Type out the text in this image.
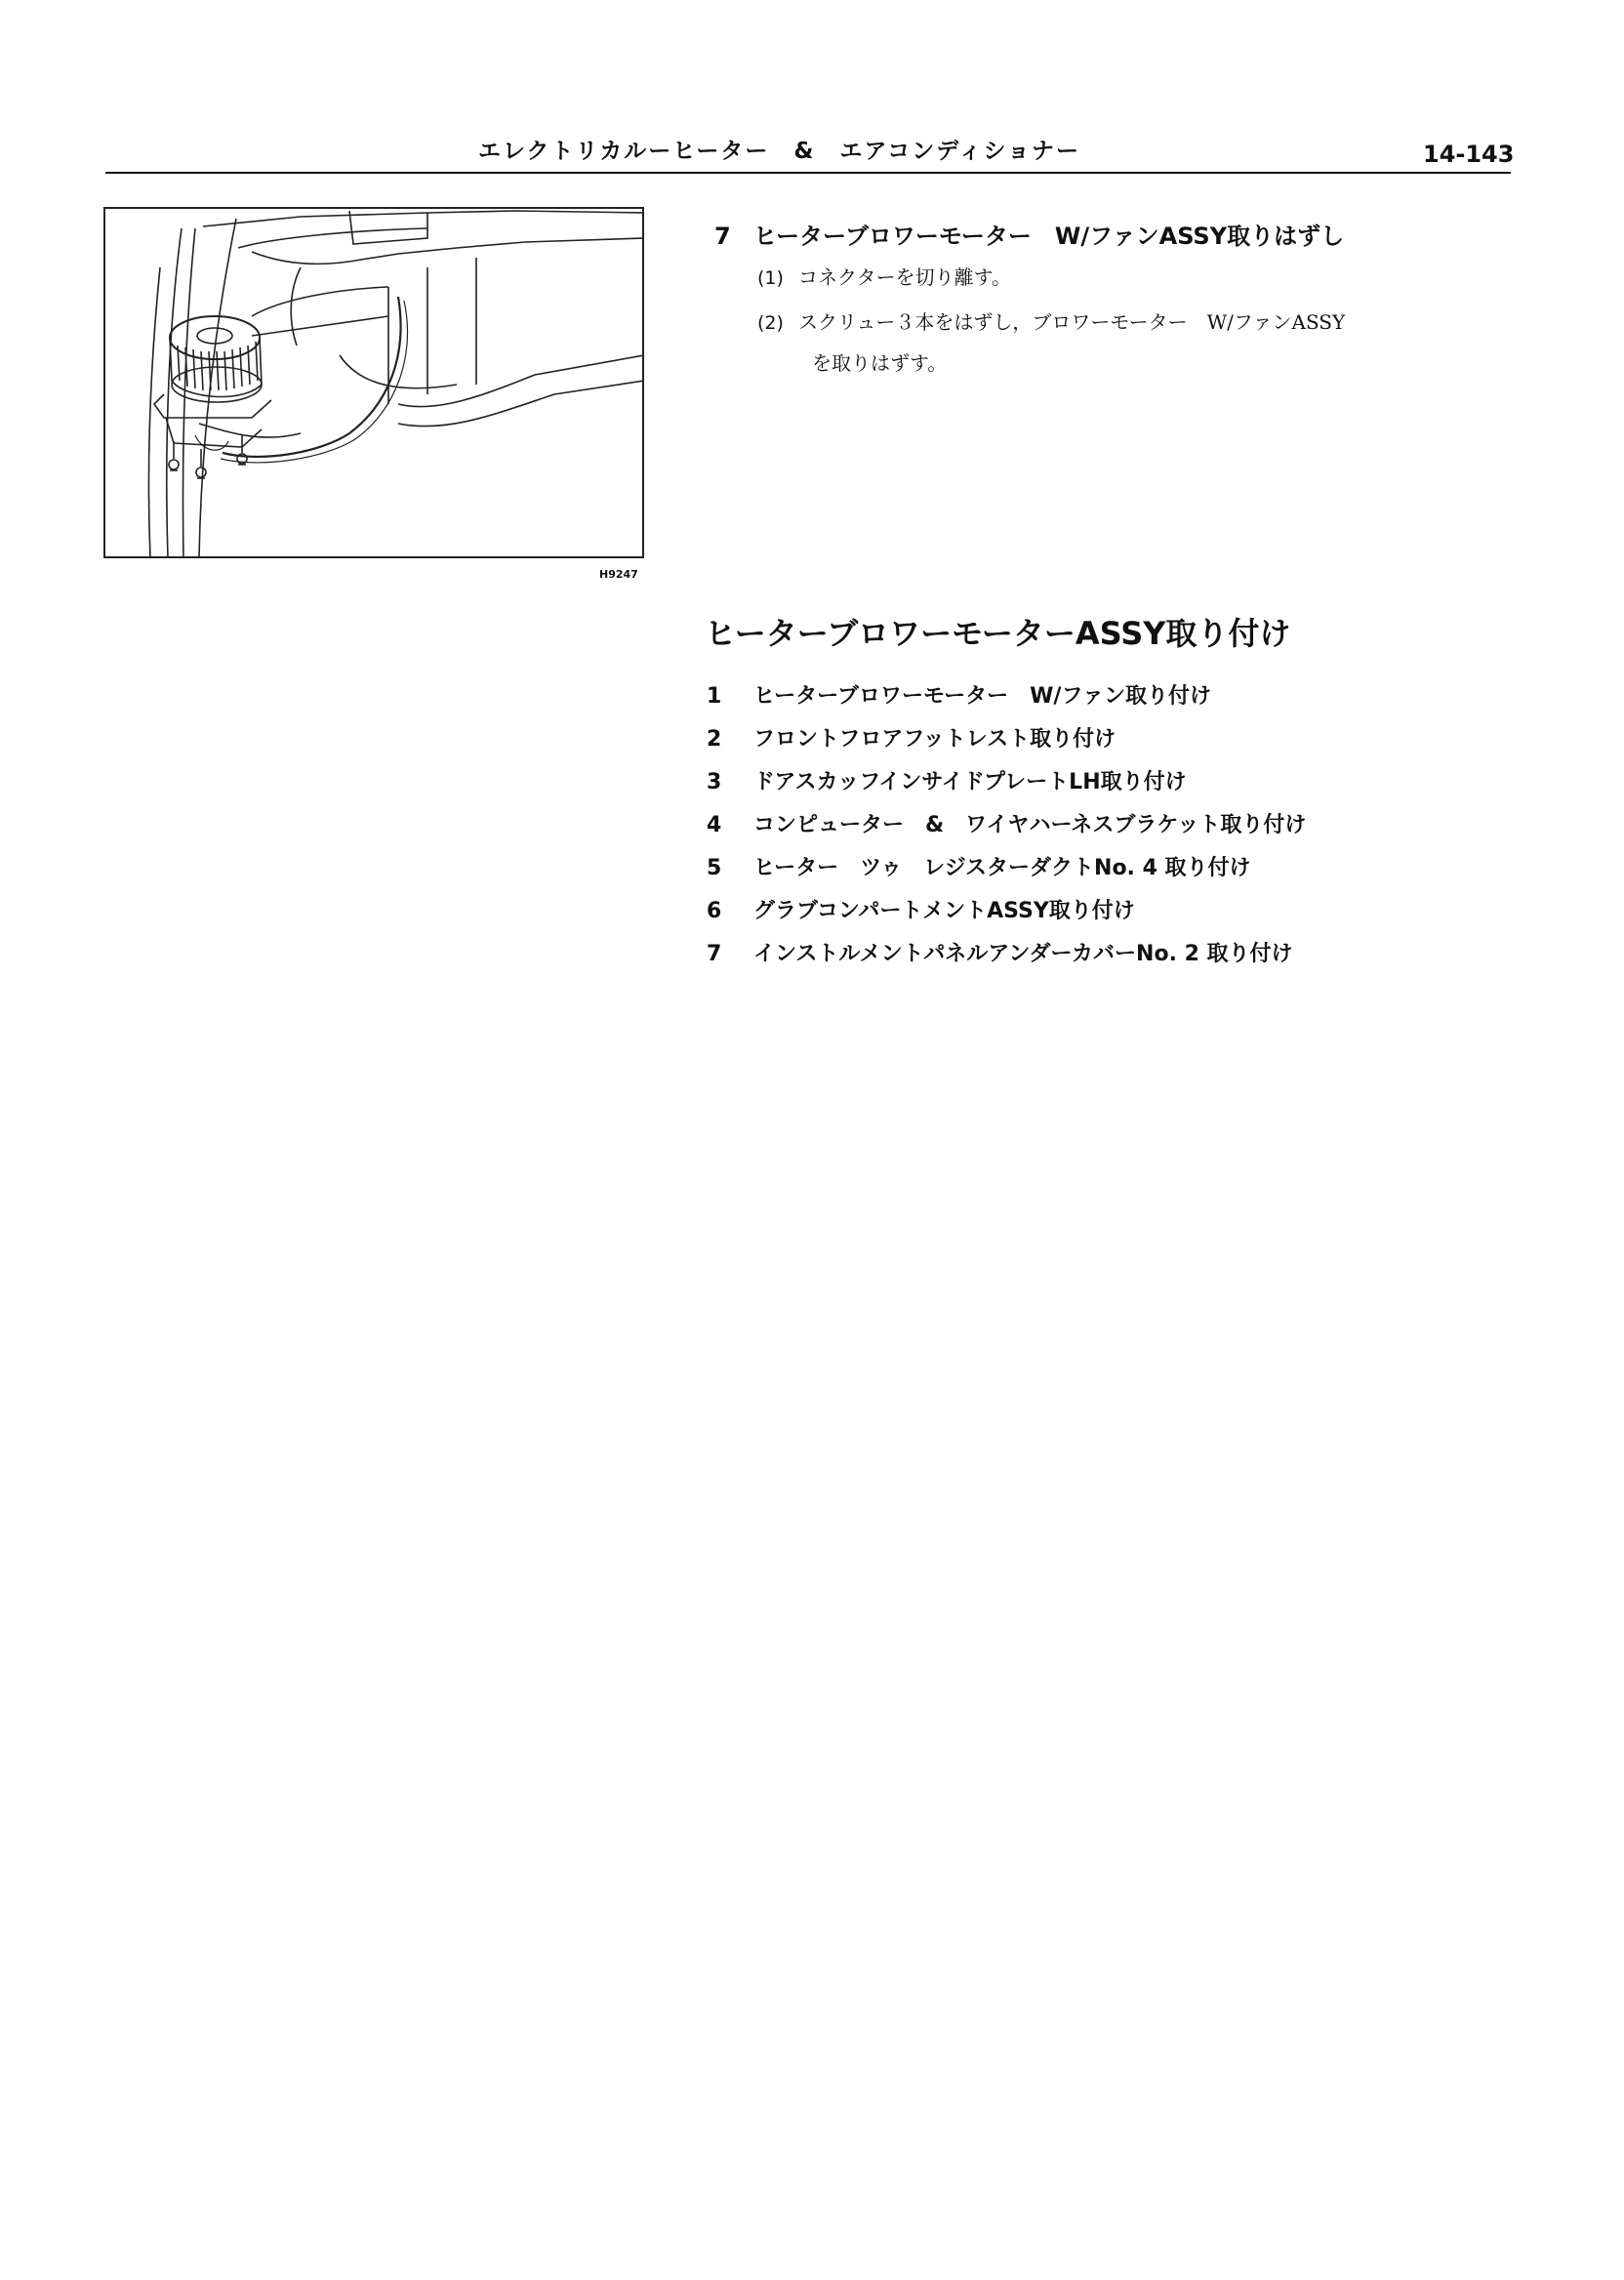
エレクトリカルーヒーター　&　エアコンディショナー	14-143
H9247
7 ヒーターブロワーモーター　W/ファンASSY取りはずし
(1) コネクターを切り離す。
(2) スクリュー３本をはずし，ブロワーモーター　W/ファンASSY
を取りはずす。
ヒーターブロワーモーターASSY取り付け
1 ヒーターブロワーモーター　W/ファン取り付け
2 フロントフロアフットレスト取り付け
3 ドアスカッフインサイドプレートLH取り付け
4 コンピューター　&　ワイヤハーネスブラケット取り付け
5 ヒーター　ツゥ　レジスターダクトNo. 4 取り付け
6 グラブコンパートメントASSY取り付け
7 インストルメントパネルアンダーカバーNo. 2 取り付け
